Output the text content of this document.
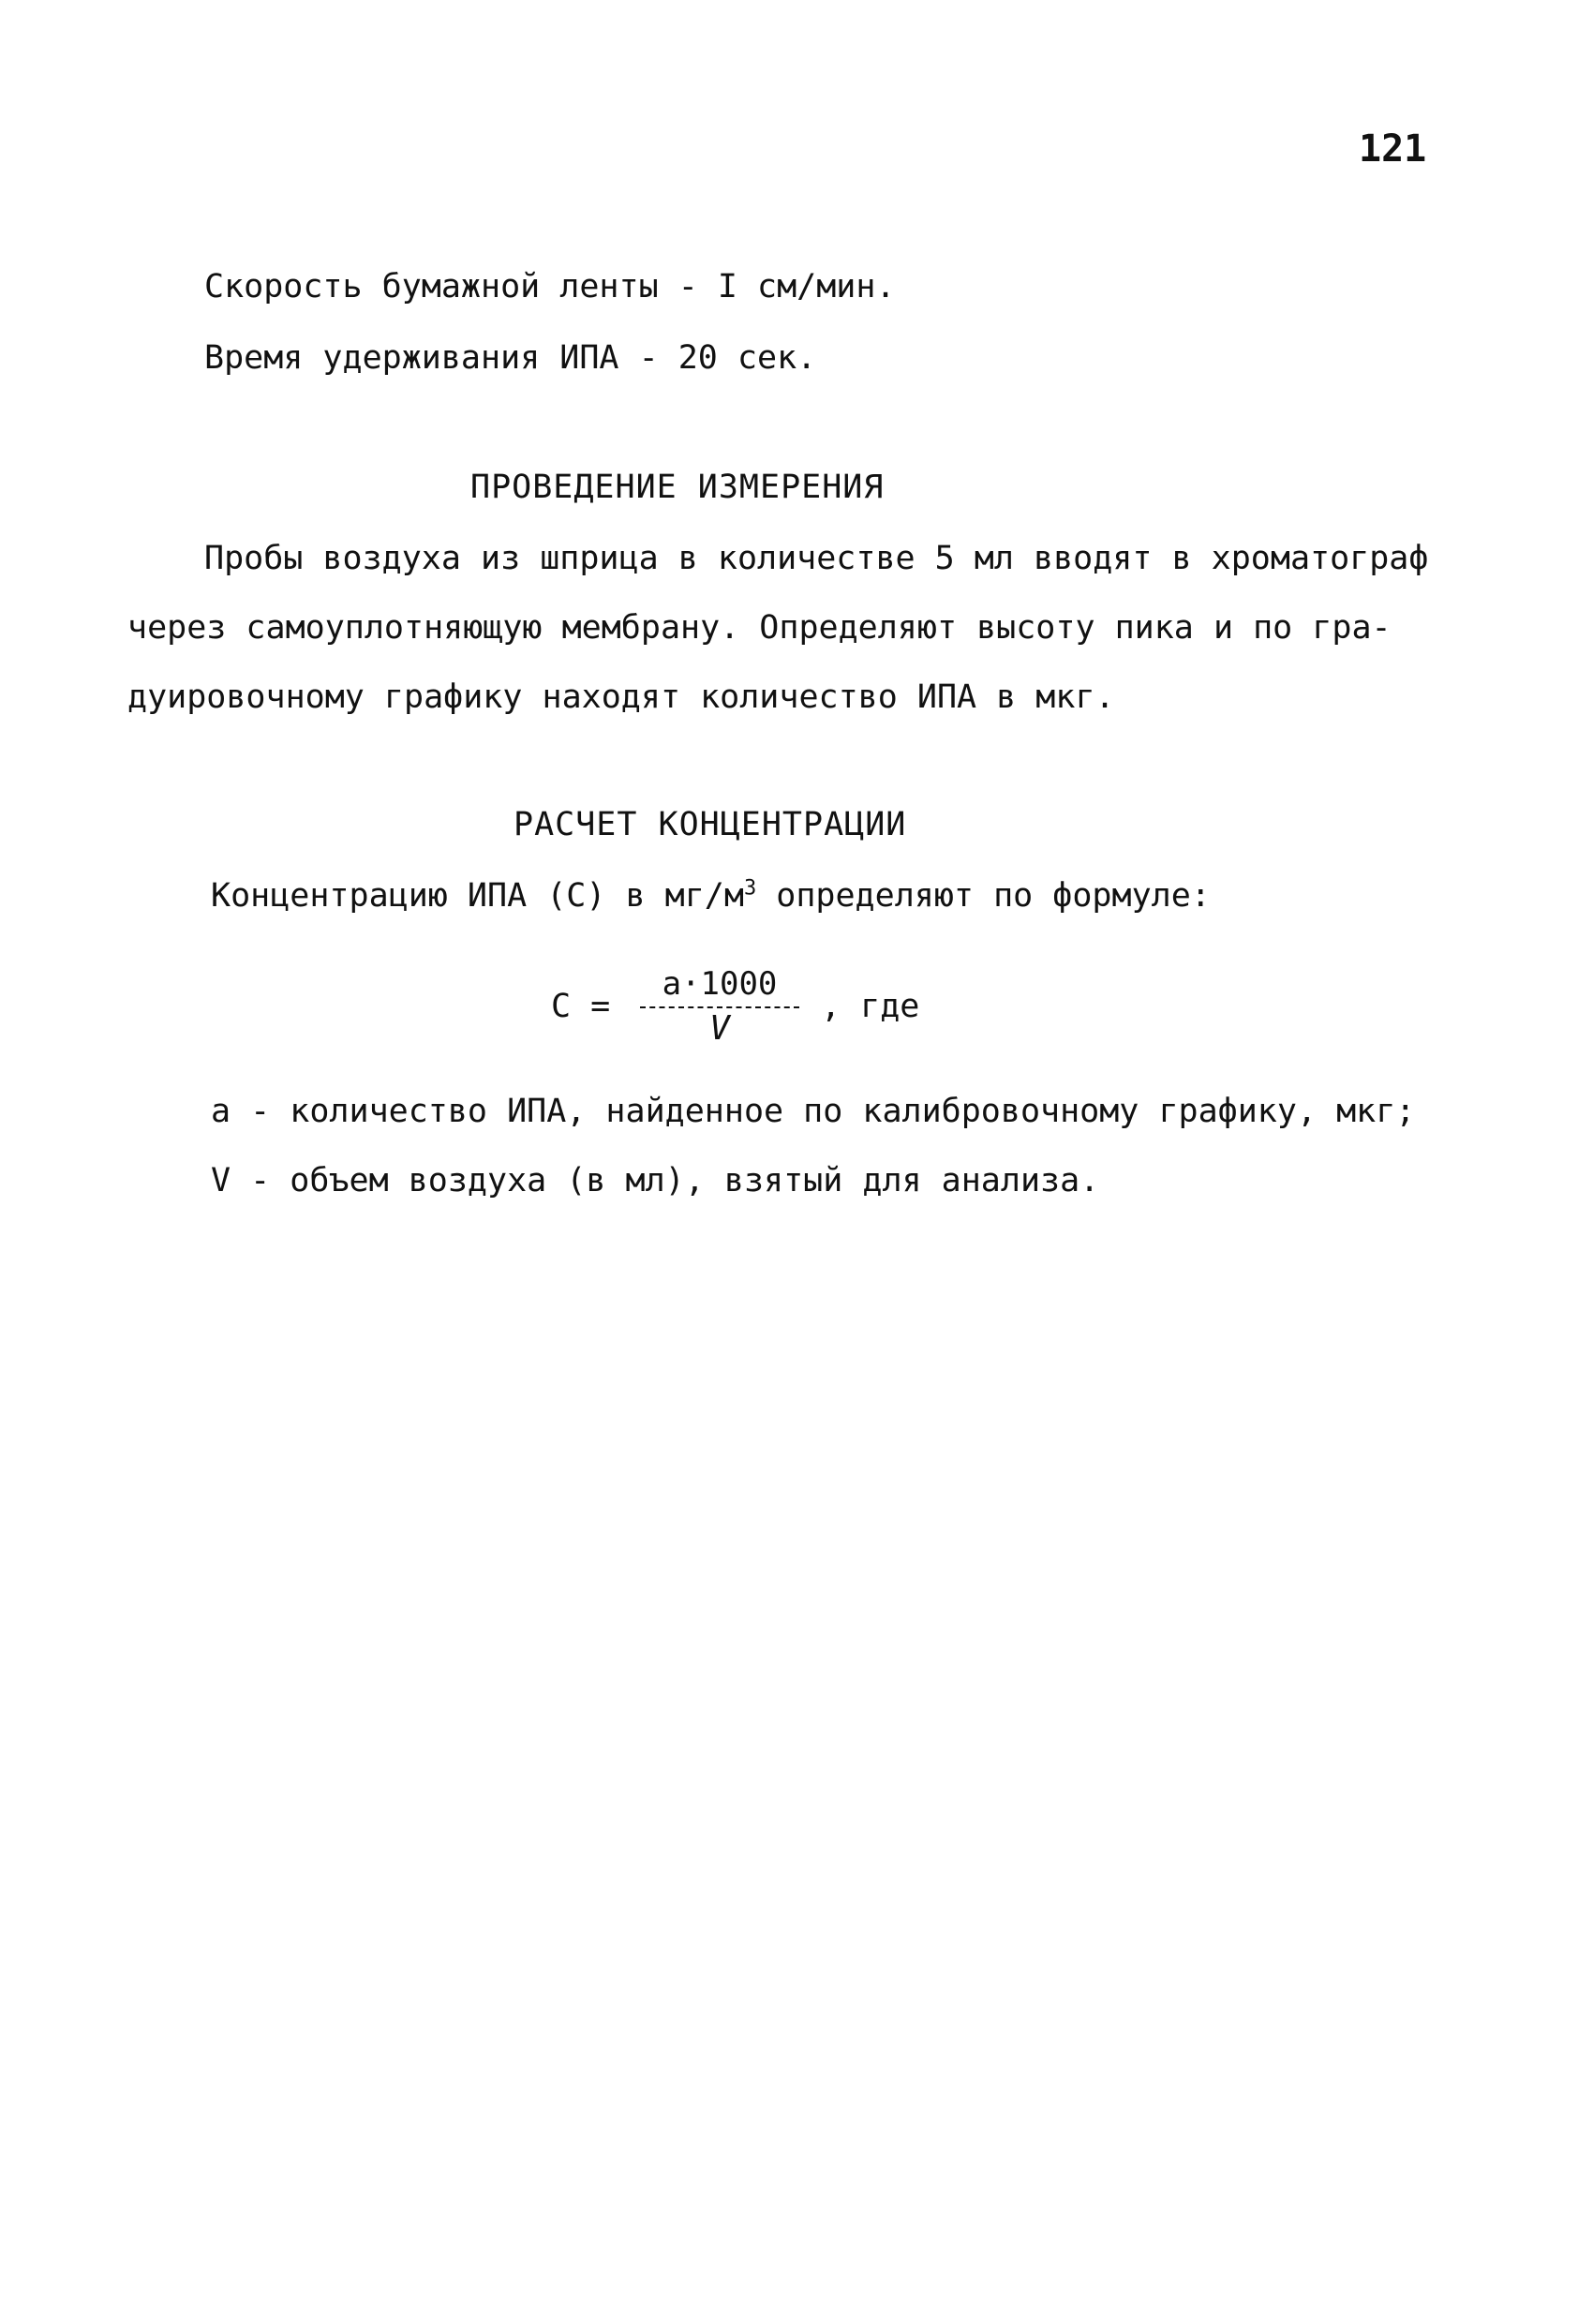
121
Скорость бумажной ленты - I см/мин.
Время удерживания ИПА - 20 сек.
ПРОВЕДЕНИЕ ИЗМЕРЕНИЯ
Пробы воздуха из шприца в количестве 5 мл вводят в хроматограф
через самоуплотняющую мембрану. Определяют высоту пика и по гра-
дуировочному графику находят количество ИПА в мкг.
РАСЧЕТ КОНЦЕНТРАЦИИ
Концентрацию ИПА (С) в $мг/м^3$ определяют по формуле:
С =
a·1000
V
, где
а - количество ИПА, найденное по калибровочному графику, мкг;
V - объем воздуха (в мл), взятый для анализа.
